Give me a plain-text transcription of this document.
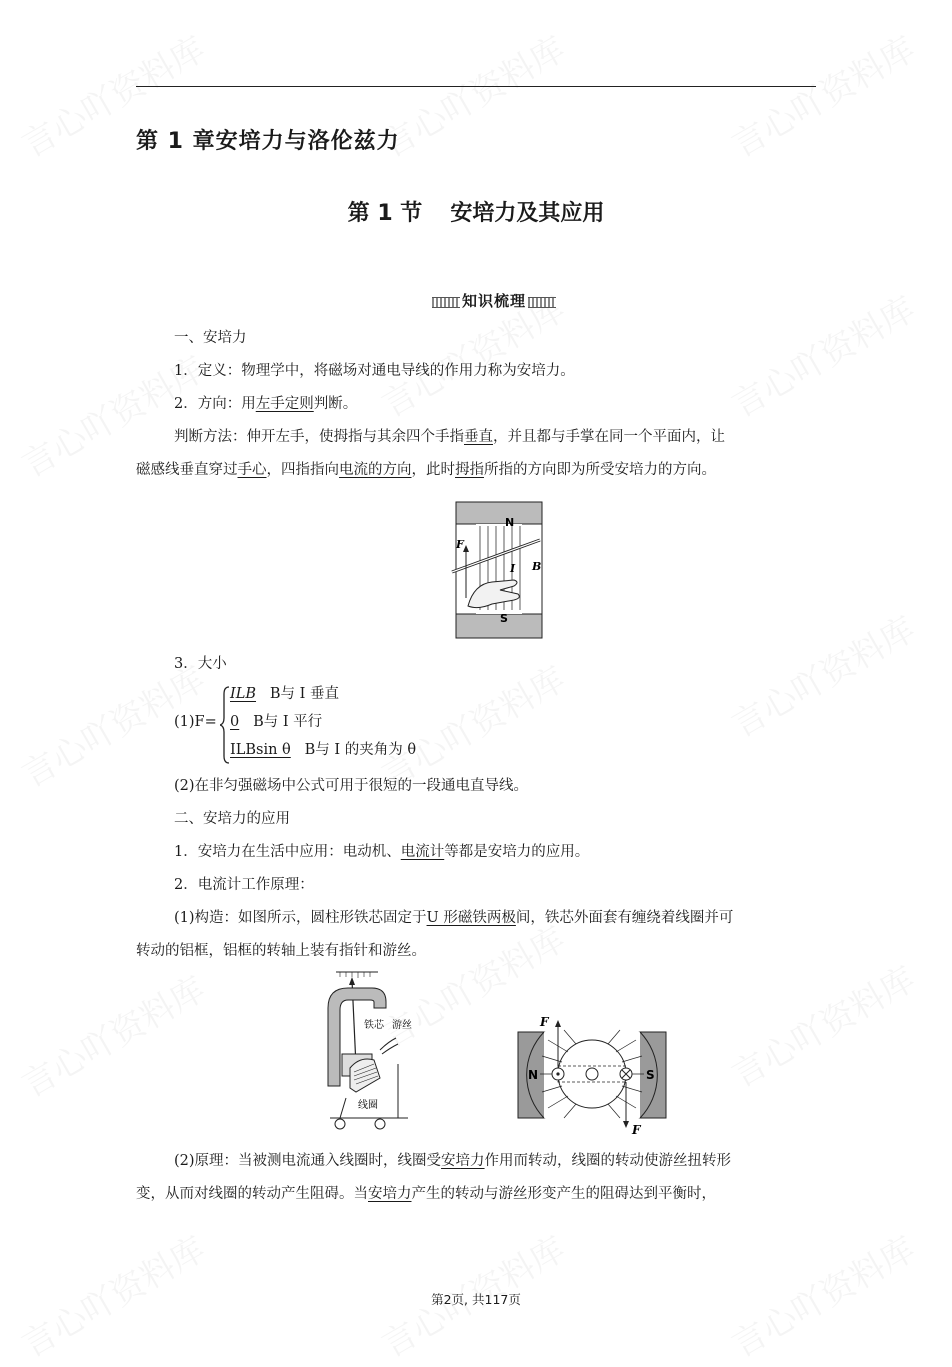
第 1 章安培力与洛伦兹力
第 1 节 安培力及其应用
知识梳理
一、安培力
1．定义：物理学中，将磁场对通电导线的作用力称为安培力。
2．方向：用左手定则判断。
判断方法：伸开左手，使拇指与其余四个手指垂直，并且都与手掌在同一个平面内，让
磁感线垂直穿过手心，四指指向电流的方向，此时拇指所指的方向即为所受安培力的方向。
F
N
I B
S
3．大小
(1)F=
ILB B与 I 垂直
0 B与 I 平行
ILBsin θ B与 I 的夹角为 θ
(2)在非匀强磁场中公式可用于很短的一段通电直导线。
二、安培力的应用
1．安培力在生活中应用：电动机、电流计等都是安培力的应用。
2．电流计工作原理：
(1)构造：如图所示，圆柱形铁芯固定于U 形磁铁两极间，铁芯外面套有缠绕着线圈并可
转动的铝框，铝框的转轴上装有指针和游丝。
铁芯 游丝
线圈
N	S
F
F
(2)原理：当被测电流通入线圈时，线圈受安培力作用而转动，线圈的转动使游丝扭转形
变，从而对线圈的转动产生阻碍。当安培力产生的转动与游丝形变产生的阻碍达到平衡时，
第2页, 共117页
